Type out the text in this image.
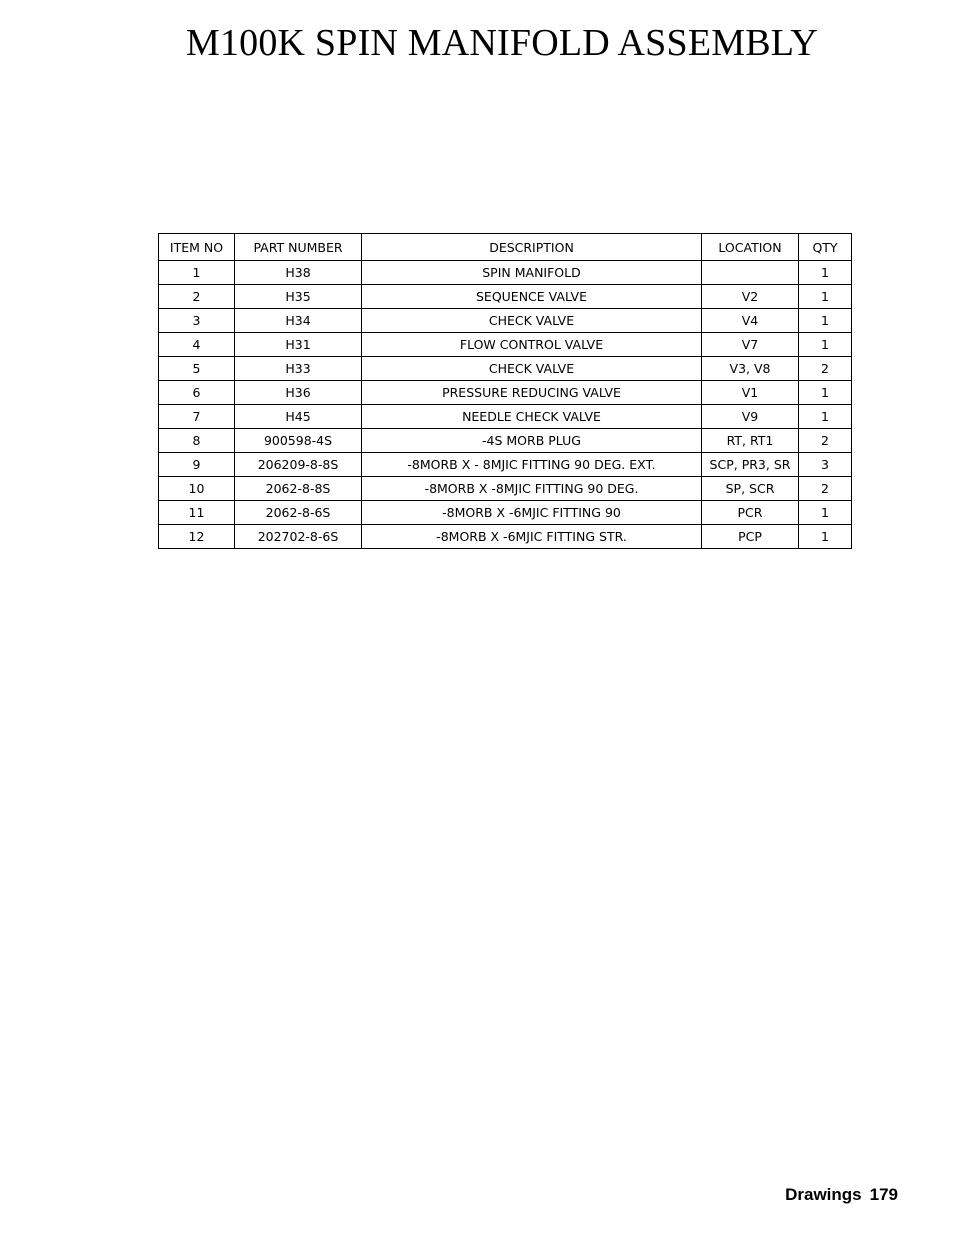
M100K SPIN MANIFOLD ASSEMBLY
ITEM NO	PART NUMBER	DESCRIPTION	LOCATION	QTY
1	H38	SPIN MANIFOLD		1
2	H35	SEQUENCE VALVE	V2	1
3	H34	CHECK VALVE	V4	1
4	H31	FLOW CONTROL VALVE	V7	1
5	H33	CHECK VALVE	V3, V8	2
6	H36	PRESSURE REDUCING VALVE	V1	1
7	H45	NEEDLE CHECK VALVE	V9	1
8	900598-4S	-4S MORB PLUG	RT, RT1	2
9	206209-8-8S	-8MORB X - 8MJIC FITTING 90 DEG. EXT.	SCP, PR3, SR	3
10	2062-8-8S	-8MORB X -8MJIC FITTING 90 DEG.	SP, SCR	2
11	2062-8-6S	-8MORB X -6MJIC FITTING 90	PCR	1
12	202702-8-6S	-8MORB X -6MJIC FITTING STR.	PCP	1
Drawings 179
